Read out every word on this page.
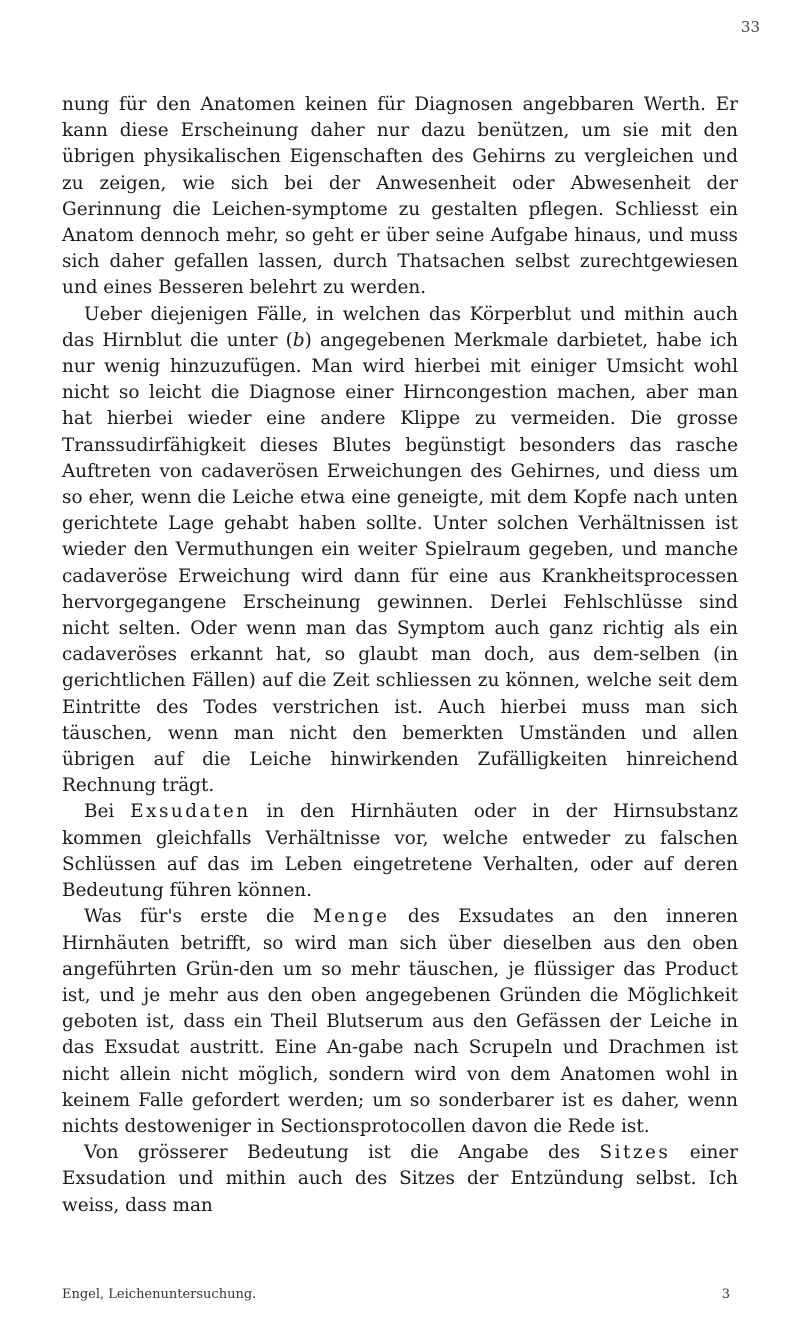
33

nung für den Anatomen keinen für Diagnosen angebbaren Werth. Er kann diese Erscheinung daher nur dazu benützen, um sie mit den übrigen physikalischen Eigenschaften des Gehirns zu vergleichen und zu zeigen, wie sich bei der Anwesenheit oder Abwesenheit der Gerinnung die Leichen-symptome zu gestalten pflegen. Schliesst ein Anatom dennoch mehr, so geht er über seine Aufgabe hinaus, und muss sich daher gefallen lassen, durch Thatsachen selbst zurechtgewiesen und eines Besseren belehrt zu werden.

Ueber diejenigen Fälle, in welchen das Körperblut und mithin auch das Hirnblut die unter (b) angegebenen Merkmale darbietet, habe ich nur wenig hinzuzufügen. Man wird hierbei mit einiger Umsicht wohl nicht so leicht die Diagnose einer Hirncongestion machen, aber man hat hierbei wieder eine andere Klippe zu vermeiden. Die grosse Transsudirfähigkeit dieses Blutes begünstigt besonders das rasche Auftreten von cadaverösen Erweichungen des Gehirnes, und diess um so eher, wenn die Leiche etwa eine geneigte, mit dem Kopfe nach unten gerichtete Lage gehabt haben sollte. Unter solchen Verhältnissen ist wieder den Vermuthungen ein weiter Spielraum gegeben, und manche cadaveröse Erweichung wird dann für eine aus Krankheitsprocessen hervorgegangene Erscheinung gewinnen. Derlei Fehlschlüsse sind nicht selten. Oder wenn man das Symptom auch ganz richtig als ein cadaveröses erkannt hat, so glaubt man doch, aus dem-selben (in gerichtlichen Fällen) auf die Zeit schliessen zu können, welche seit dem Eintritte des Todes verstrichen ist. Auch hierbei muss man sich täuschen, wenn man nicht den bemerkten Umständen und allen übrigen auf die Leiche hinwirkenden Zufälligkeiten hinreichend Rechnung trägt.

Bei Exsudaten in den Hirnhäuten oder in der Hirnsubstanz kommen gleichfalls Verhältnisse vor, welche entweder zu falschen Schlüssen auf das im Leben eingetretene Verhalten, oder auf deren Bedeutung führen können.

Was für's erste die Menge des Exsudates an den inneren Hirnhäuten betrifft, so wird man sich über dieselben aus den oben angeführten Grün-den um so mehr täuschen, je flüssiger das Product ist, und je mehr aus den oben angegebenen Gründen die Möglichkeit geboten ist, dass ein Theil Blutserum aus den Gefässen der Leiche in das Exsudat austritt. Eine An-gabe nach Scrupeln und Drachmen ist nicht allein nicht möglich, sondern wird von dem Anatomen wohl in keinem Falle gefordert werden; um so sonderbarer ist es daher, wenn nichts destoweniger in Sectionsprotocollen davon die Rede ist.

Von grösserer Bedeutung ist die Angabe des Sitzes einer Exsudation und mithin auch des Sitzes der Entzündung selbst. Ich weiss, dass man

Engel, Leichenuntersuchung.	3
